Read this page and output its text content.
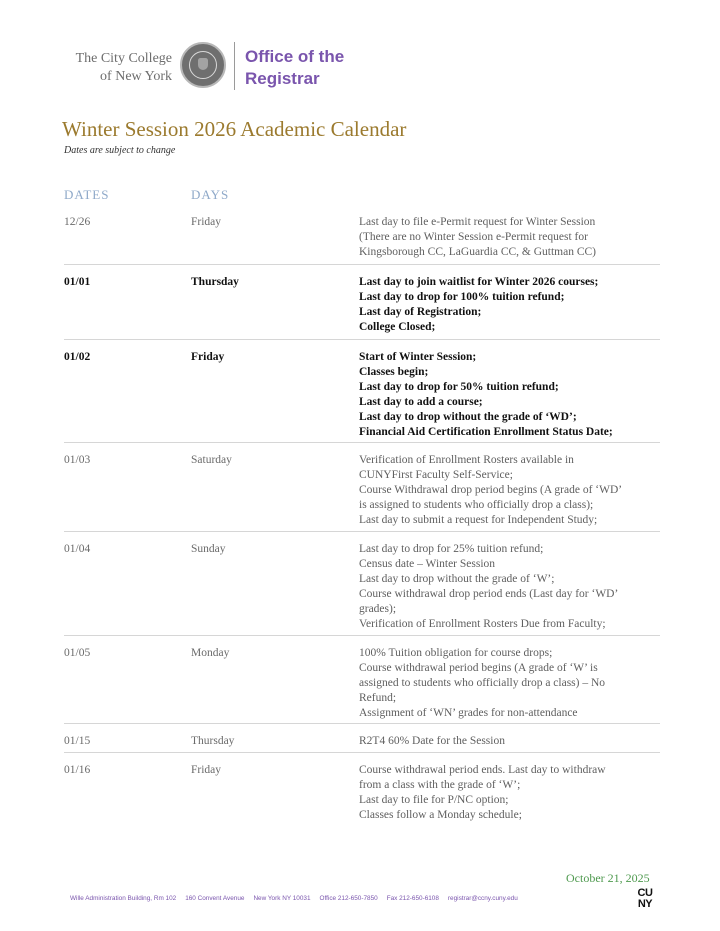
The City College
of New York
Office of the
Registrar
Winter Session 2026 Academic Calendar
Dates are subject to change
DATES	DAYS
12/26	Friday	Last day to file e-Permit request for Winter Session
(There are no Winter Session e-Permit request for
Kingsborough CC, LaGuardia CC, & Guttman CC)
01/01	Thursday	Last day to join waitlist for Winter 2026 courses;
Last day to drop for 100% tuition refund;
Last day of Registration;
College Closed;
01/02	Friday	Start of Winter Session;
Classes begin;
Last day to drop for 50% tuition refund;
Last day to add a course;
Last day to drop without the grade of ‘WD’;
Financial Aid Certification Enrollment Status Date;
01/03	Saturday	Verification of Enrollment Rosters available in
CUNYFirst Faculty Self-Service;
Course Withdrawal drop period begins (A grade of ‘WD’
is assigned to students who officially drop a class);
Last day to submit a request for Independent Study;
01/04	Sunday	Last day to drop for 25% tuition refund;
Census date – Winter Session
Last day to drop without the grade of ‘W’;
Course withdrawal drop period ends (Last day for ‘WD’
grades);
Verification of Enrollment Rosters Due from Faculty;
01/05	Monday	100% Tuition obligation for course drops;
Course withdrawal period begins (A grade of ‘W’ is
assigned to students who officially drop a class) – No
Refund;
Assignment of ‘WN’ grades for non-attendance
01/15	Thursday	R2T4 60% Date for the Session
01/16	Friday	Course withdrawal period ends. Last day to withdraw
from a class with the grade of ‘W’;
Last day to file for P/NC option;
Classes follow a Monday schedule;
October 21, 2025
Wille Administration Building, Rm 102 160 Convent Avenue New York NY 10031 Office 212-650-7850 Fax 212-650-6108 registrar@ccny.cuny.edu	CU
NY
